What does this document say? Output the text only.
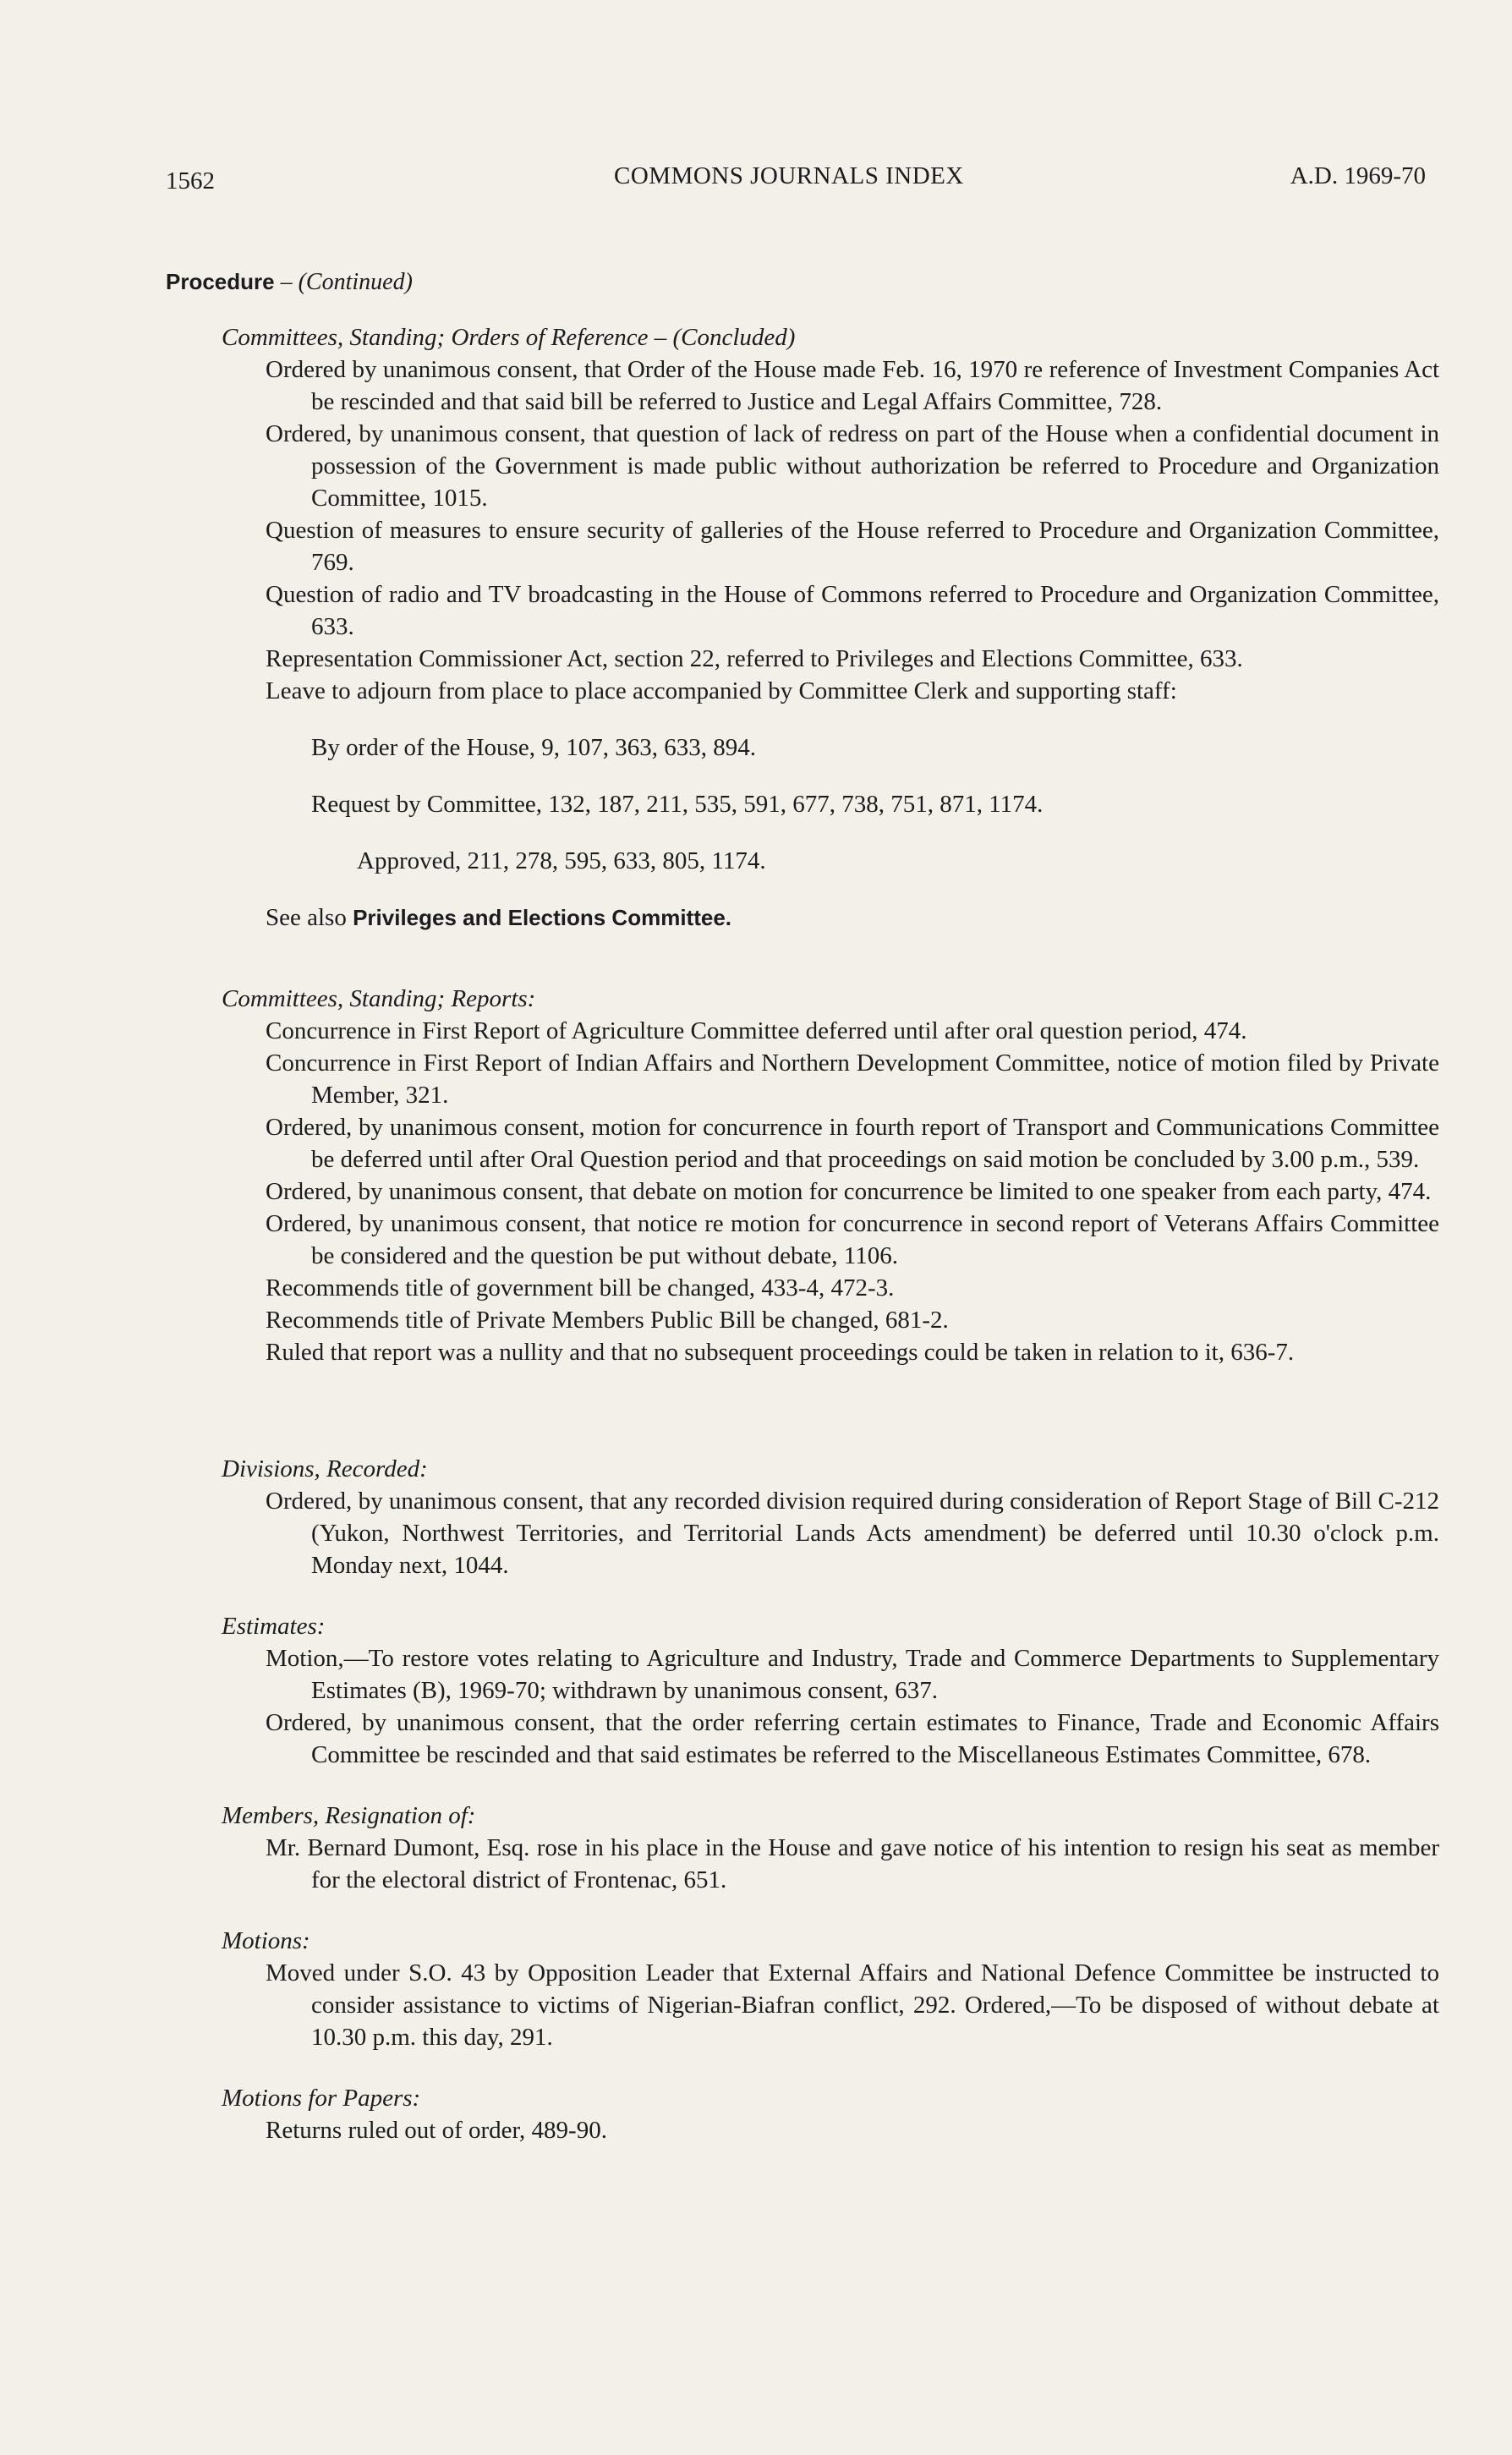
1562	COMMONS JOURNALS INDEX	A.D. 1969-70
Procedure – (Continued)

Committees, Standing; Orders of Reference – (Concluded)

Ordered by unanimous consent, that Order of the House made Feb. 16, 1970 re reference of Investment Companies Act be rescinded and that said bill be referred to Justice and Legal Affairs Committee, 728.

Ordered, by unanimous consent, that question of lack of redress on part of the House when a confidential document in possession of the Government is made public without authorization be referred to Procedure and Organization Committee, 1015.

Question of measures to ensure security of galleries of the House referred to Procedure and Organization Committee, 769.

Question of radio and TV broadcasting in the House of Commons referred to Procedure and Organization Committee, 633.

Representation Commissioner Act, section 22, referred to Privileges and Elections Committee, 633.

Leave to adjourn from place to place accompanied by Committee Clerk and supporting staff:

By order of the House, 9, 107, 363, 633, 894.

Request by Committee, 132, 187, 211, 535, 591, 677, 738, 751, 871, 1174.

Approved, 211, 278, 595, 633, 805, 1174.

See also Privileges and Elections Committee.

Committees, Standing; Reports:

Concurrence in First Report of Agriculture Committee deferred until after oral question period, 474.

Concurrence in First Report of Indian Affairs and Northern Development Committee, notice of motion filed by Private Member, 321.

Ordered, by unanimous consent, motion for concurrence in fourth report of Transport and Communications Committee be deferred until after Oral Question period and that proceedings on said motion be concluded by 3.00 p.m., 539.

Ordered, by unanimous consent, that debate on motion for concurrence be limited to one speaker from each party, 474.

Ordered, by unanimous consent, that notice re motion for concurrence in second report of Veterans Affairs Committee be considered and the question be put without debate, 1106.

Recommends title of government bill be changed, 433-4, 472-3.

Recommends title of Private Members Public Bill be changed, 681-2.

Ruled that report was a nullity and that no subsequent proceedings could be taken in relation to it, 636-7.

Divisions, Recorded:

Ordered, by unanimous consent, that any recorded division required during consideration of Report Stage of Bill C-212 (Yukon, Northwest Territories, and Territorial Lands Acts amendment) be deferred until 10.30 o'clock p.m. Monday next, 1044.

Estimates:

Motion,—To restore votes relating to Agriculture and Industry, Trade and Commerce Departments to Supplementary Estimates (B), 1969-70; withdrawn by unanimous consent, 637.

Ordered, by unanimous consent, that the order referring certain estimates to Finance, Trade and Economic Affairs Committee be rescinded and that said estimates be referred to the Miscellaneous Estimates Committee, 678.

Members, Resignation of:

Mr. Bernard Dumont, Esq. rose in his place in the House and gave notice of his intention to resign his seat as member for the electoral district of Frontenac, 651.

Motions:

Moved under S.O. 43 by Opposition Leader that External Affairs and National Defence Committee be instructed to consider assistance to victims of Nigerian-Biafran conflict, 292. Ordered,—To be disposed of without debate at 10.30 p.m. this day, 291.

Motions for Papers:

Returns ruled out of order, 489-90.
